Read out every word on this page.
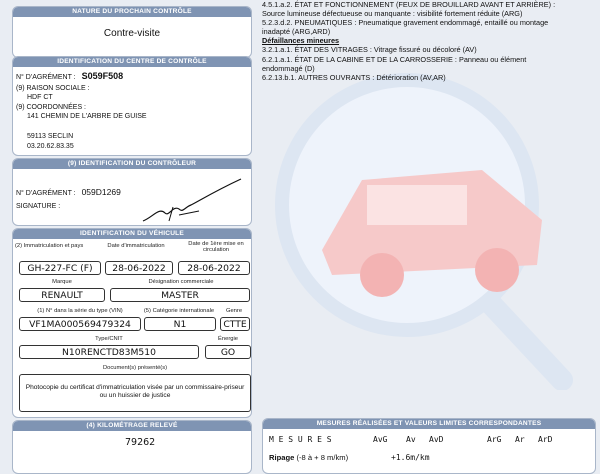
NATURE DU PROCHAIN CONTRÔLE
Contre-visite
IDENTIFICATION DU CENTRE DE CONTRÔLE
N° D'AGRÉMENT : S059F508
(9) RAISON SOCIALE :
HDF CT
(9) COORDONNÉES :
141 CHEMIN DE L'ARBRE DE GUISE
59113 SECLIN
03.20.62.83.35
(9) IDENTIFICATION DU CONTRÔLEUR
N° D'AGRÉMENT : 059D1269
SIGNATURE :
IDENTIFICATION DU VÉHICULE
(2) Immatriculation et pays	Date d'immatriculation	Date de 1ère mise en circulation
GH-227-FC (F)	28-06-2022	28-06-2022
Marque	Désignation commerciale
RENAULT	MASTER
(1) N° dans la série du type (VIN)	(5) Catégorie internationale	Genre
VF1MA000569479324	N1	CTTE
Type/CNIT	Énergie
N10RENCTD83M510	GO
Document(s) présenté(s)
Photocopie du certificat d'immatriculation visée par un commissaire-priseur ou un huissier de justice
(4) KILOMÉTRAGE RELEVÉ
79262
4.5.1.a.2. ÉTAT ET FONCTIONNEMENT (FEUX DE BROUILLARD AVANT ET ARRIÈRE) :
Source lumineuse défectueuse ou manquante : visibilité fortement réduite (ARG)
5.2.3.d.2. PNEUMATIQUES : Pneumatique gravement endommagé, entaillé ou montage
inadapté (ARG,ARD)
Défaillances mineures
3.2.1.a.1. ÉTAT DES VITRAGES : Vitrage fissuré ou décoloré (AV)
6.2.1.a.1. ÉTAT DE LA CABINE ET DE LA CARROSSERIE : Panneau ou élément
endommagé (D)
6.2.13.b.1. AUTRES OUVRANTS : Détérioration (AV,AR)
MESURES RÉALISÉES ET VALEURS LIMITES CORRESPONDANTES
M E S U R E S	AvG Av AvD	ArG Ar ArD
Ripage (-8 à + 8 m/km)	+1.6m/km
